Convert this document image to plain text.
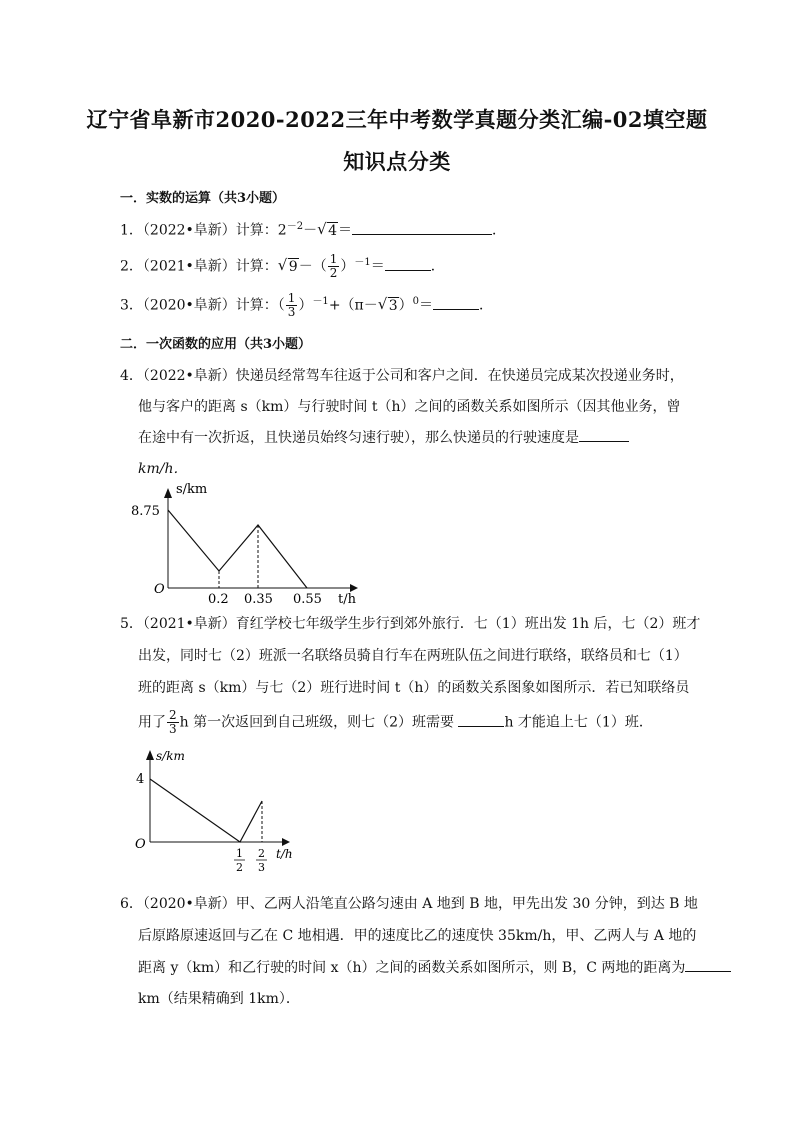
辽宁省阜新市2020-2022三年中考数学真题分类汇编-02填空题
知识点分类
一．实数的运算（共3小题）
1．（2022•阜新）计算：$2^{-2}-$ √ 4＝	．
2．（2021•阜新）计算： √ $9-( \frac{1}{2} )^{-1}=$	．
3．（2020•阜新）计算：（ $\frac{1}{3} )^{-1}+(\pi-$ √ 3）$^0$＝	．
二．一次函数的应用（共3小题）
4．（2022•阜新）快递员经常驾车往返于公司和客户之间．在快递员完成某次投递业务时，
他与客户的距离 s（km）与行驶时间 t（h）之间的函数关系如图所示（因其他业务，曾
在途中有一次折返，且快递员始终匀速行驶），那么快递员的行驶速度是
km/h．
s/km
t/h
O
8.75
0.2 0.35 0.55
5．（2021•阜新）育红学校七年级学生步行到郊外旅行．七（1）班出发 1h 后，七（2）班才
出发，同时七（2）班派一名联络员骑自行车在两班队伍之间进行联络，联络员和七（1）
班的距离 s（km）与七（2）班行进时间 t（h）的函数关系图象如图所示．若已知联络员
用了 $\frac{2}{3}$ h 第一次返回到自己班级，则七（2）班需要	h 才能追上七（1）班．
s/km
t/h
O
4
1
2
2
3
6．（2020•阜新）甲、乙两人沿笔直公路匀速由 A 地到 B 地，甲先出发 30 分钟，到达 B 地
后原路原速返回与乙在 C 地相遇．甲的速度比乙的速度快 35km/h，甲、乙两人与 A 地的
距离 y（km）和乙行驶的时间 x（h）之间的函数关系如图所示，则 B，C 两地的距离为
km（结果精确到 1km）．
